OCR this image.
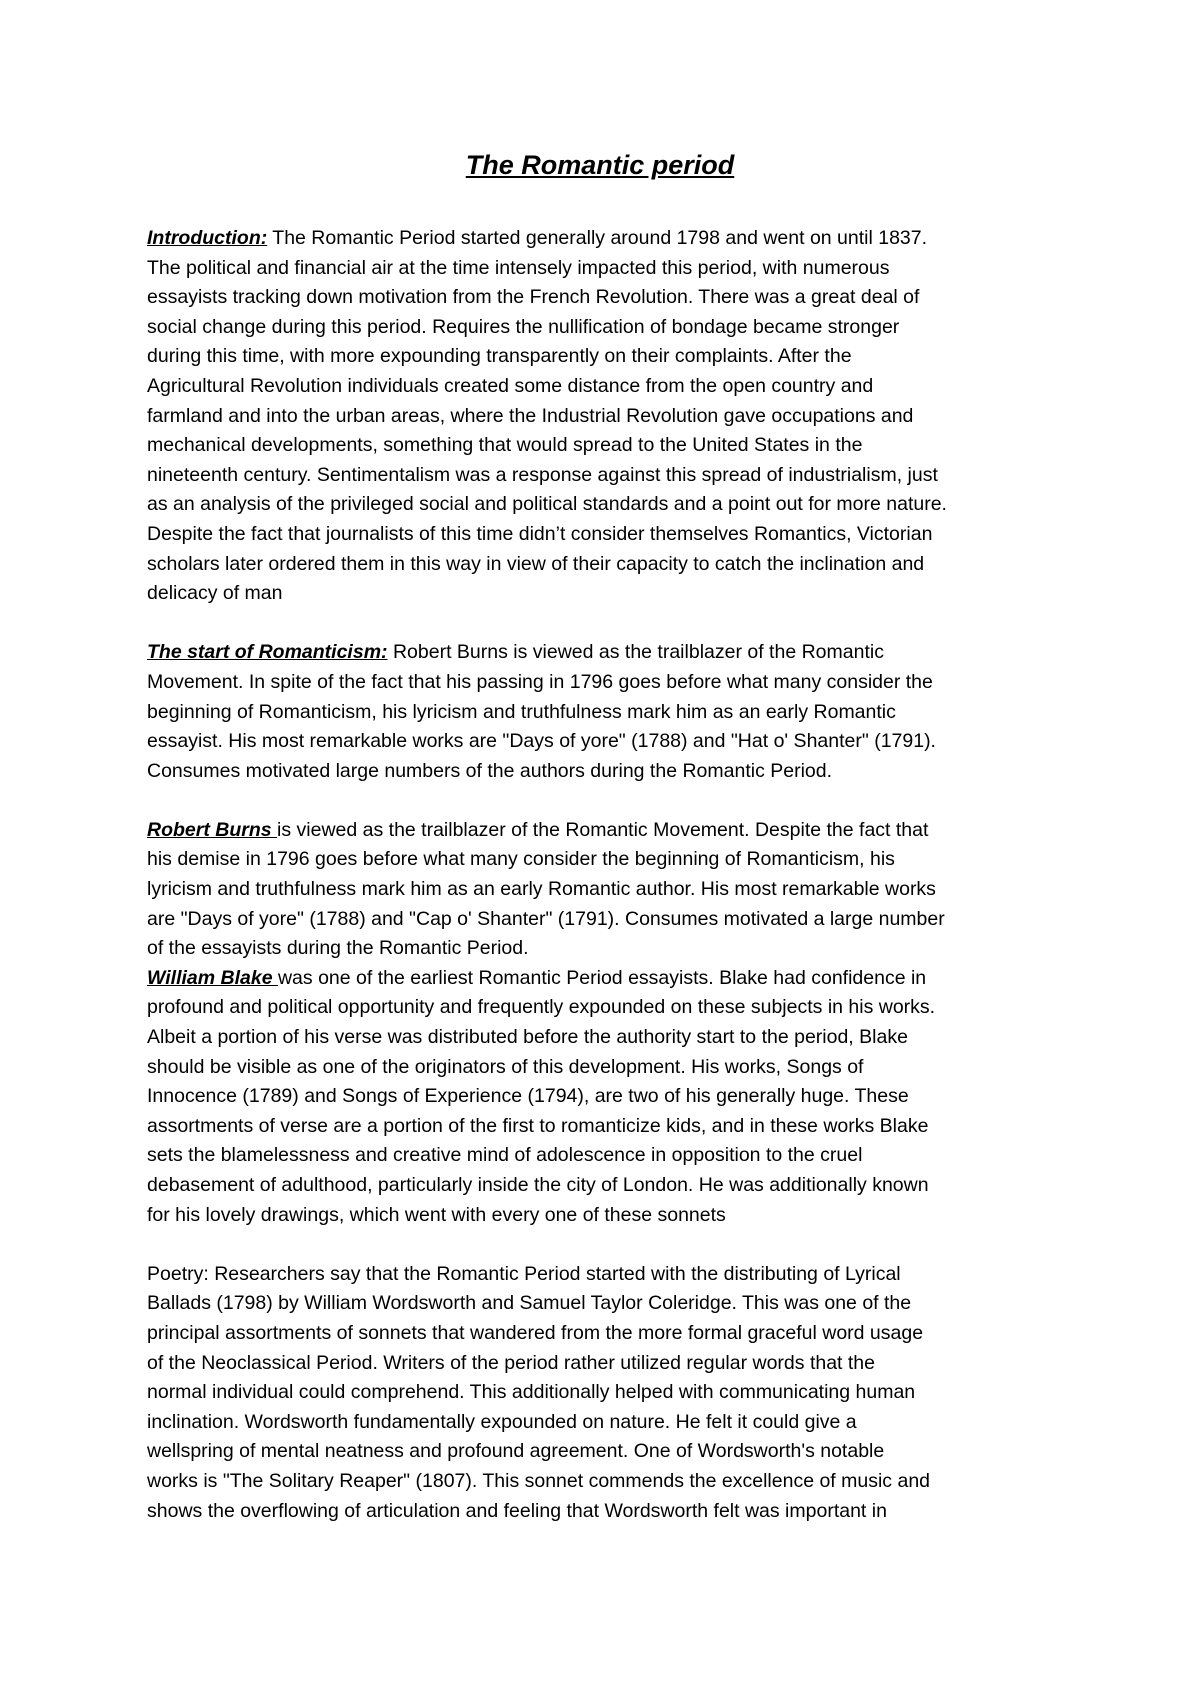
The Romantic period
Introduction: The Romantic Period started generally around 1798 and went on until 1837.
The political and financial air at the time intensely impacted this period, with numerous
essayists tracking down motivation from the French Revolution. There was a great deal of
social change during this period. Requires the nullification of bondage became stronger
during this time, with more expounding transparently on their complaints. After the
Agricultural Revolution individuals created some distance from the open country and
farmland and into the urban areas, where the Industrial Revolution gave occupations and
mechanical developments, something that would spread to the United States in the
nineteenth century. Sentimentalism was a response against this spread of industrialism, just
as an analysis of the privileged social and political standards and a point out for more nature.
Despite the fact that journalists of this time didn’t consider themselves Romantics, Victorian
scholars later ordered them in this way in view of their capacity to catch the inclination and
delicacy of man
The start of Romanticism: Robert Burns is viewed as the trailblazer of the Romantic
Movement. In spite of the fact that his passing in 1796 goes before what many consider the
beginning of Romanticism, his lyricism and truthfulness mark him as an early Romantic
essayist. His most remarkable works are "Days of yore" (1788) and "Hat o' Shanter" (1791).
Consumes motivated large numbers of the authors during the Romantic Period.
Robert Burns is viewed as the trailblazer of the Romantic Movement. Despite the fact that
his demise in 1796 goes before what many consider the beginning of Romanticism, his
lyricism and truthfulness mark him as an early Romantic author. His most remarkable works
are "Days of yore" (1788) and "Cap o' Shanter" (1791). Consumes motivated a large number
of the essayists during the Romantic Period.
William Blake was one of the earliest Romantic Period essayists. Blake had confidence in
profound and political opportunity and frequently expounded on these subjects in his works.
Albeit a portion of his verse was distributed before the authority start to the period, Blake
should be visible as one of the originators of this development. His works, Songs of
Innocence (1789) and Songs of Experience (1794), are two of his generally huge. These
assortments of verse are a portion of the first to romanticize kids, and in these works Blake
sets the blamelessness and creative mind of adolescence in opposition to the cruel
debasement of adulthood, particularly inside the city of London. He was additionally known
for his lovely drawings, which went with every one of these sonnets
Poetry: Researchers say that the Romantic Period started with the distributing of Lyrical
Ballads (1798) by William Wordsworth and Samuel Taylor Coleridge. This was one of the
principal assortments of sonnets that wandered from the more formal graceful word usage
of the Neoclassical Period. Writers of the period rather utilized regular words that the
normal individual could comprehend. This additionally helped with communicating human
inclination. Wordsworth fundamentally expounded on nature. He felt it could give a
wellspring of mental neatness and profound agreement. One of Wordsworth's notable
works is "The Solitary Reaper" (1807). This sonnet commends the excellence of music and
shows the overflowing of articulation and feeling that Wordsworth felt was important in
